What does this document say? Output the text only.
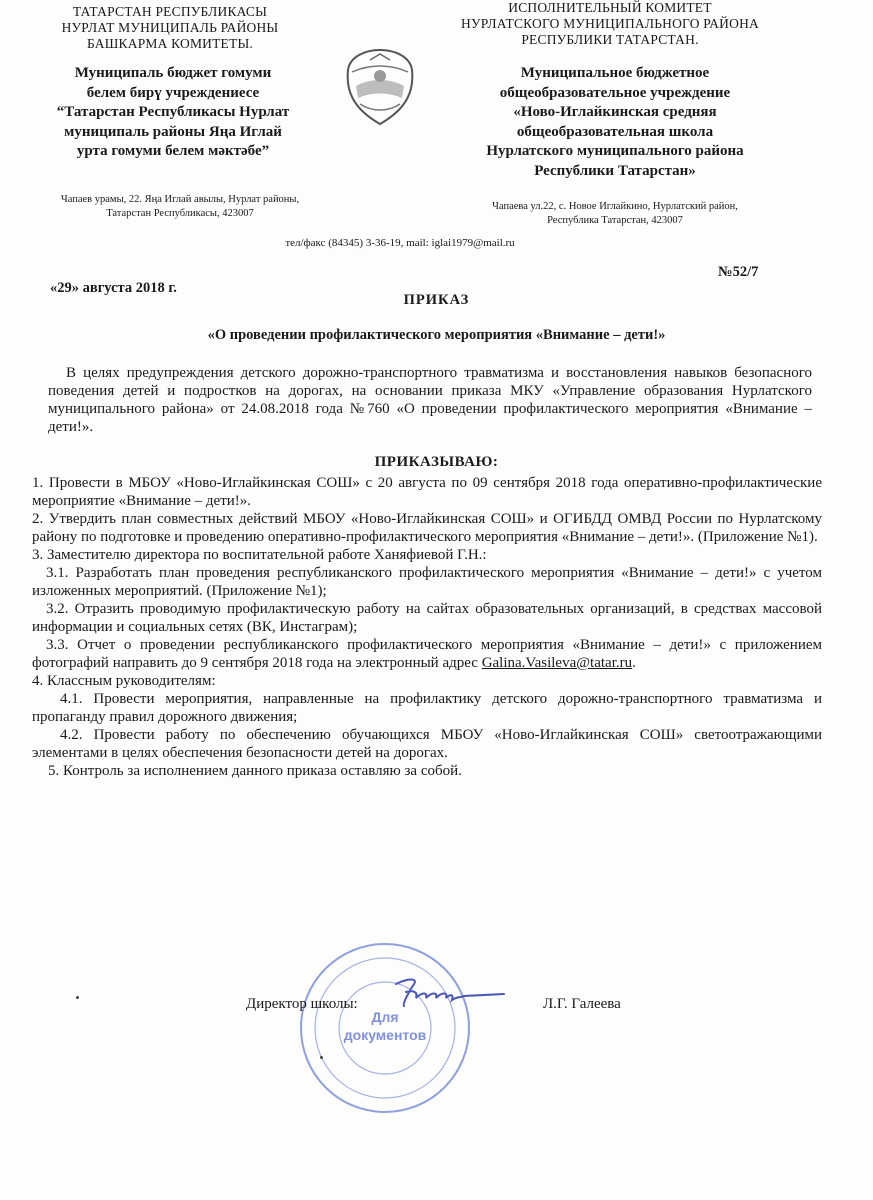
ТАТАРСТАН РЕСПУБЛИКАСЫ
НУРЛАТ МУНИЦИПАЛЬ РАЙОНЫ
БАШКАРМА КОМИТЕТЫ.
ИСПОЛНИТЕЛЬНЫЙ КОМИТЕТ
НУРЛАТСКОГО МУНИЦИПАЛЬНОГО РАЙОНА
РЕСПУБЛИКИ ТАТАРСТАН.
Муниципаль бюджет гомуми
белем бирү учреждениесе
“Татарстан Республикасы Нурлат
муниципаль районы Яңа Иглай
урта гомуми белем мәктәбе”
Муниципальное бюджетное
общеобразовательное учреждение
«Ново-Иглайкинская средняя
общеобразовательная школа
Нурлатского муниципального района
Республики Татарстан»
Чапаев урамы, 22. Яңа Иглай авылы, Нурлат районы,
Татарстан Республикасы, 423007
Чапаева ул.22, с. Новое Иглайкино, Нурлатский район,
Республика Татарстан, 423007
тел/факс (84345) 3-36-19, mail: iglai1979@mail.ru
«29» августа 2018 г.
№52/7
ПРИКАЗ
«О проведении профилактического мероприятия «Внимание – дети!»
В целях предупреждения детского дорожно-транспортного травматизма и восстановления навыков безопасного поведения детей и подростков на дорогах, на основании приказа МКУ «Управление образования Нурлатского муниципального района» от 24.08.2018 года №760 «О проведении профилактического мероприятия «Внимание – дети!».
ПРИКАЗЫВАЮ:

1. Провести в МБОУ «Ново-Иглайкинская СОШ» с 20 августа по 09 сентября 2018 года оперативно-профилактические мероприятие «Внимание – дети!».

2. Утвердить план совместных действий МБОУ «Ново-Иглайкинская СОШ» и ОГИБДД ОМВД России по Нурлатскому району по подготовке и проведению оперативно-профилактического мероприятия «Внимание – дети!». (Приложение №1).

3. Заместителю директора по воспитательной работе Ханяфиевой Г.Н.:

3.1. Разработать план проведения республиканского профилактического мероприятия «Внимание – дети!» с учетом изложенных мероприятий. (Приложение №1);

3.2. Отразить проводимую профилактическую работу на сайтах образовательных организаций, в средствах массовой информации и социальных сетях (ВК, Инстаграм);

3.3. Отчет о проведении республиканского профилактического мероприятия «Внимание – дети!» с приложением фотографий направить до 9 сентября 2018 года на электронный адрес Galina.Vasileva@tatar.ru.

4. Классным руководителям:

4.1. Провести мероприятия, направленные на профилактику детского дорожно-транспортного травматизма и пропаганду правил дорожного движения;

4.2. Провести работу по обеспечению обучающихся МБОУ «Ново-Иглайкинская СОШ» светоотражающими элементами в целях обеспечения безопасности детей на дорогах.

5. Контроль за исполнением данного приказа оставляю за собой.

Для
документов
Директор школы:	Л.Г. Галеева
